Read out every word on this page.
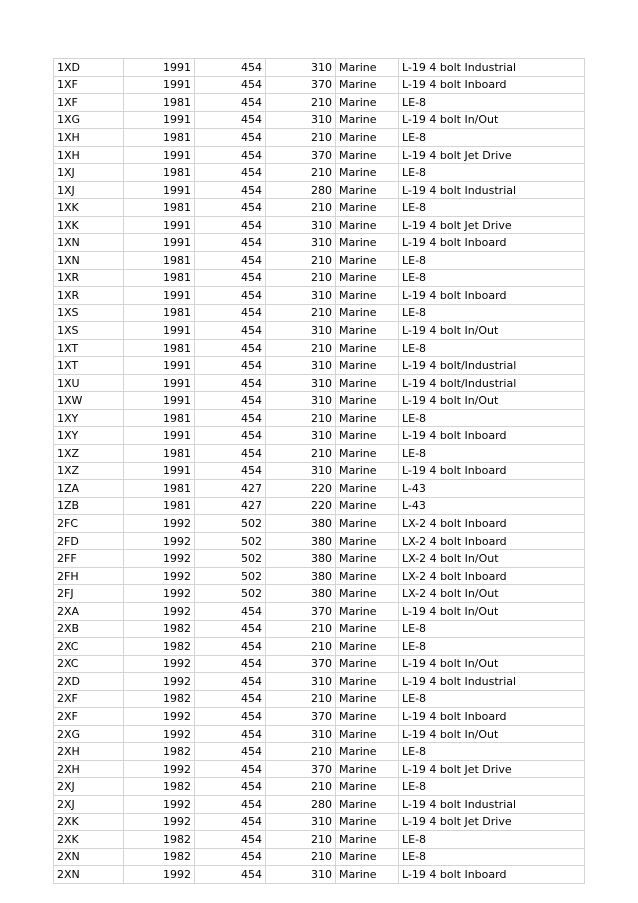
1XD	1991	454	310	Marine	L-19 4 bolt Industrial
1XF	1991	454	370	Marine	L-19 4 bolt Inboard
1XF	1981	454	210	Marine	LE-8
1XG	1991	454	310	Marine	L-19 4 bolt In/Out
1XH	1981	454	210	Marine	LE-8
1XH	1991	454	370	Marine	L-19 4 bolt Jet Drive
1XJ	1981	454	210	Marine	LE-8
1XJ	1991	454	280	Marine	L-19 4 bolt Industrial
1XK	1981	454	210	Marine	LE-8
1XK	1991	454	310	Marine	L-19 4 bolt Jet Drive
1XN	1991	454	310	Marine	L-19 4 bolt Inboard
1XN	1981	454	210	Marine	LE-8
1XR	1981	454	210	Marine	LE-8
1XR	1991	454	310	Marine	L-19 4 bolt Inboard
1XS	1981	454	210	Marine	LE-8
1XS	1991	454	310	Marine	L-19 4 bolt In/Out
1XT	1981	454	210	Marine	LE-8
1XT	1991	454	310	Marine	L-19 4 bolt/Industrial
1XU	1991	454	310	Marine	L-19 4 bolt/Industrial
1XW	1991	454	310	Marine	L-19 4 bolt In/Out
1XY	1981	454	210	Marine	LE-8
1XY	1991	454	310	Marine	L-19 4 bolt Inboard
1XZ	1981	454	210	Marine	LE-8
1XZ	1991	454	310	Marine	L-19 4 bolt Inboard
1ZA	1981	427	220	Marine	L-43
1ZB	1981	427	220	Marine	L-43
2FC	1992	502	380	Marine	LX-2 4 bolt Inboard
2FD	1992	502	380	Marine	LX-2 4 bolt Inboard
2FF	1992	502	380	Marine	LX-2 4 bolt In/Out
2FH	1992	502	380	Marine	LX-2 4 bolt Inboard
2FJ	1992	502	380	Marine	LX-2 4 bolt In/Out
2XA	1992	454	370	Marine	L-19 4 bolt In/Out
2XB	1982	454	210	Marine	LE-8
2XC	1982	454	210	Marine	LE-8
2XC	1992	454	370	Marine	L-19 4 bolt In/Out
2XD	1992	454	310	Marine	L-19 4 bolt Industrial
2XF	1982	454	210	Marine	LE-8
2XF	1992	454	370	Marine	L-19 4 bolt Inboard
2XG	1992	454	310	Marine	L-19 4 bolt In/Out
2XH	1982	454	210	Marine	LE-8
2XH	1992	454	370	Marine	L-19 4 bolt Jet Drive
2XJ	1982	454	210	Marine	LE-8
2XJ	1992	454	280	Marine	L-19 4 bolt Industrial
2XK	1992	454	310	Marine	L-19 4 bolt Jet Drive
2XK	1982	454	210	Marine	LE-8
2XN	1982	454	210	Marine	LE-8
2XN	1992	454	310	Marine	L-19 4 bolt Inboard
